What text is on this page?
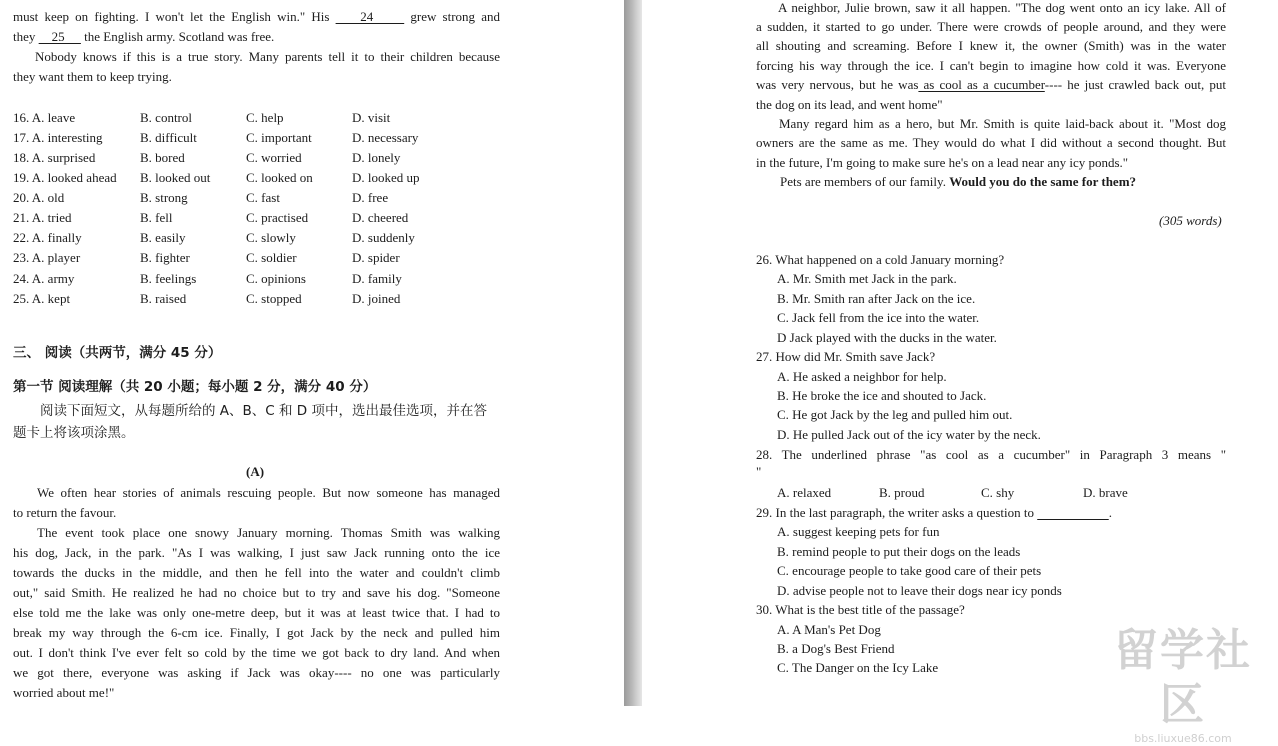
must keep on fighting. I won't let the English win." His     24      grew strong and
they     25      the English army. Scotland was free.
Nobody knows if this is a true story. Many parents tell it to their children because
they want them to keep trying.
16. A. leave	B. control	C. help	D. visit
17. A. interesting	B. difficult	C. important	D. necessary
18. A. surprised	B. bored	C. worried	D. lonely
19. A. looked ahead B. looked out	C. looked on	D. looked up
20. A. old	B. strong	C. fast	D. free
21. A. tried	B. fell	C. practised	D. cheered
22. A. finally	B. easily	C. slowly	D. suddenly
23. A. player	B. fighter	C. soldier	D. spider
24. A. army	B. feelings	C. opinions	D. family
25. A. kept	B. raised	C. stopped	D. joined
三、 阅读（共两节，满分 45 分）
第一节 阅读理解（共 20 小题；每小题 2 分，满分 40 分）
阅读下面短文，从每题所给的 A、B、C 和 D 项中，选出最佳选项，并在答
题卡上将该项涂黑。
(A)
We often hear stories of animals rescuing people. But now someone has managed
to return the favour.
The event took place one snowy January morning. Thomas Smith was walking
his dog, Jack, in the park. "As I was walking, I just saw Jack running onto the ice
towards the ducks in the middle, and then he fell into the water and couldn't climb
out," said Smith. He realized he had no choice but to try and save his dog. "Someone
else told me the lake was only one-metre deep, but it was at least twice that. I had to
break my way through the 6-cm ice. Finally, I got Jack by the neck and pulled him
out. I don't think I've ever felt so cold by the time we got back to dry land. And when
we got there, everyone was asking if Jack was okay---- no one was particularly
worried about me!"
A neighbor, Julie brown, saw it all happen. "The dog went onto an icy lake. All of
a sudden, it started to go under. There were crowds of people around, and they were
all shouting and screaming. Before I knew it, the owner (Smith) was in the water
forcing his way through the ice. I can't begin to imagine how cold it was. Everyone
was very nervous, but he was as cool as a cucumber---- he just crawled back out, put
the dog on its lead, and went home"
Many regard him as a hero, but Mr. Smith is quite laid-back about it. "Most dog
owners are the same as me. They would do what I did without a second thought. But
in the future, I'm going to make sure he's on a lead near any icy ponds."
Pets are members of our family. Would you do the same for them?
(305 words)
26. What happened on a cold January morning?
A. Mr. Smith met Jack in the park.
B. Mr. Smith ran after Jack on the ice.
C. Jack fell from the ice into the water.
D Jack played with the ducks in the water.
27. How did Mr. Smith save Jack?
A. He asked a neighbor for help.
B. He broke the ice and shouted to Jack.
C. He got Jack by the leg and pulled him out.
D. He pulled Jack out of the icy water by the neck.
28. The underlined phrase "as cool as a cucumber" in Paragraph 3 means "
"
A. relaxed	B. proud	C. shy	D. brave
29. In the last paragraph, the writer asks a question to	.
A. suggest keeping pets for fun
B. remind people to put their dogs on the leads
C. encourage people to take good care of their pets
D. advise people not to leave their dogs near icy ponds
30. What is the best title of the passage?
A. A Man's Pet Dog
B. a Dog's Best Friend
C. The Danger on the Icy Lake	留学社区
bbs.liuxue86.com
